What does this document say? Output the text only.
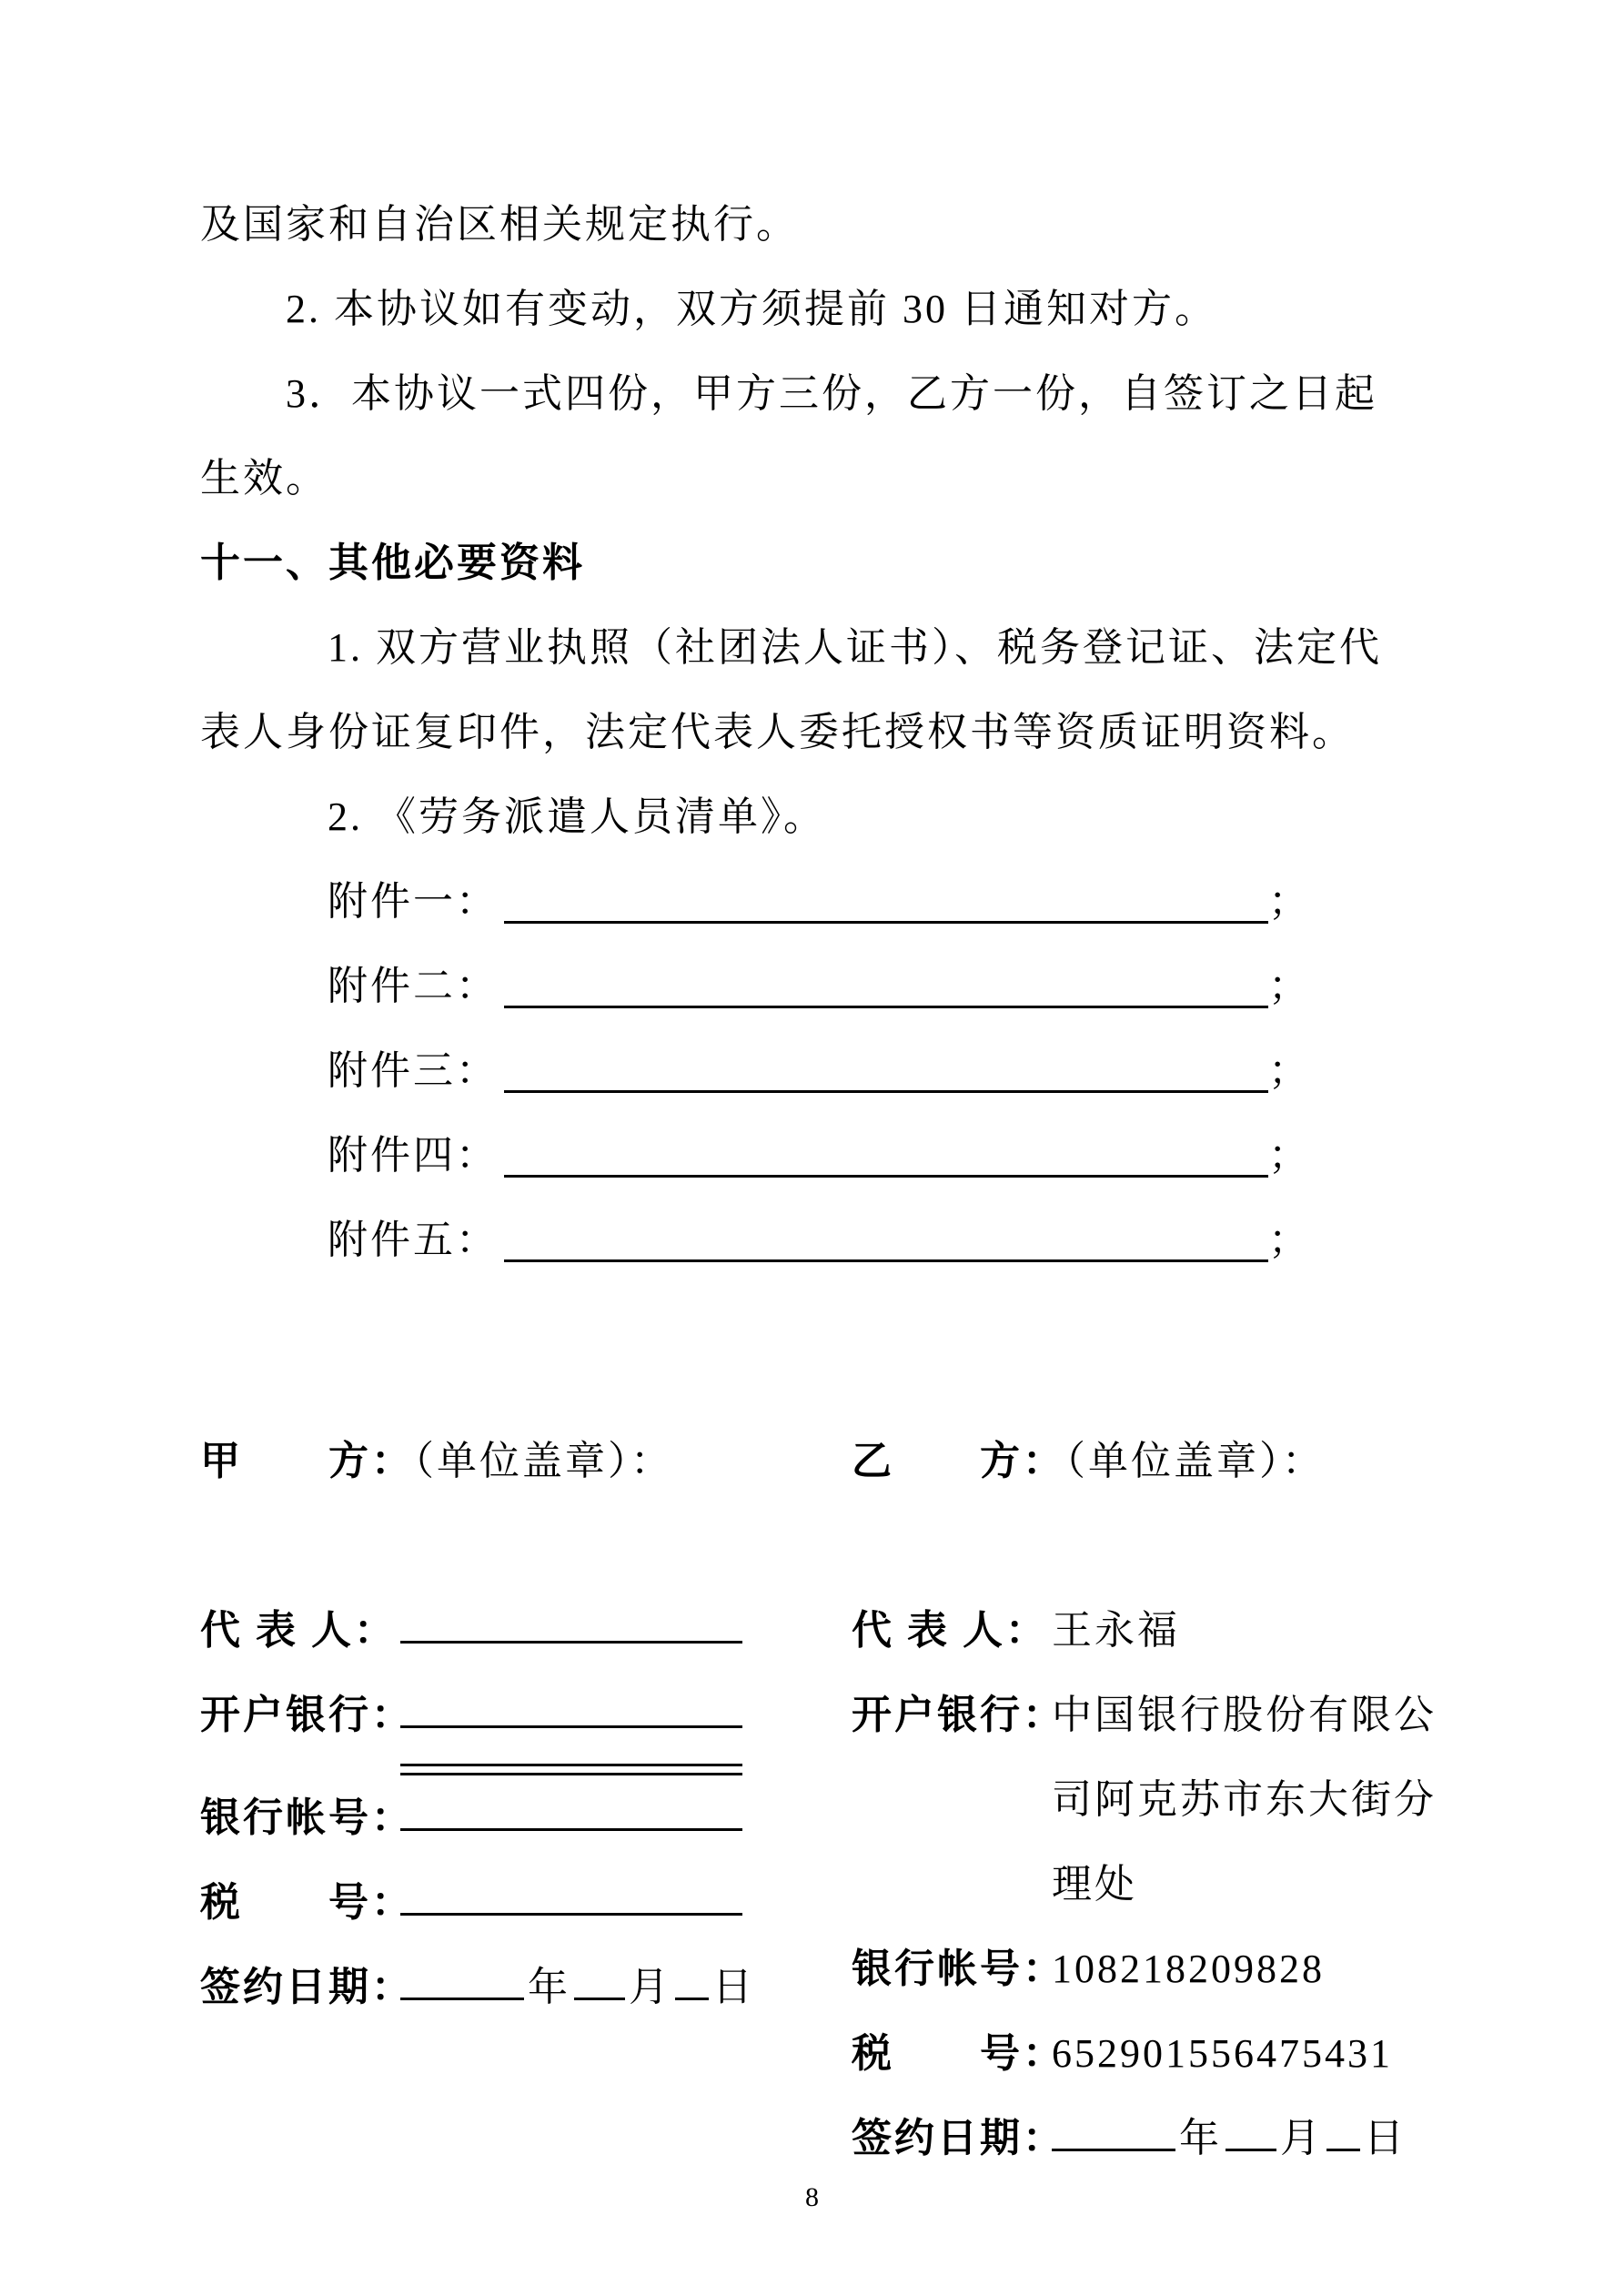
及国家和自治区相关规定执行。

2. 本协议如有变动，双方须提前 30 日通知对方。

3．本协议一式四份，甲方三份，乙方一份，自签订之日起

生效。

十一、其他必要资料

1. 双方营业执照（社团法人证书）、税务登记证、法定代

表人身份证复印件，法定代表人委托授权书等资质证明资料。

2. 《劳务派遣人员清单》。

附件一：	；
附件二：	；
附件三：	；
附件四：	；
附件五：	；
甲　　方：（单位盖章）：
代 表 人：
开户银行：
银行帐号：
税　　号：
签约日期：	年 月 日
乙　　方：（单位盖章）：
代 表 人： 王永福
开户银行：
中国银行股份有限公司阿克苏市东大街分理处
银行帐号：
108218209828
税　　号：
652901556475431
签约日期：	年 月 日
8
